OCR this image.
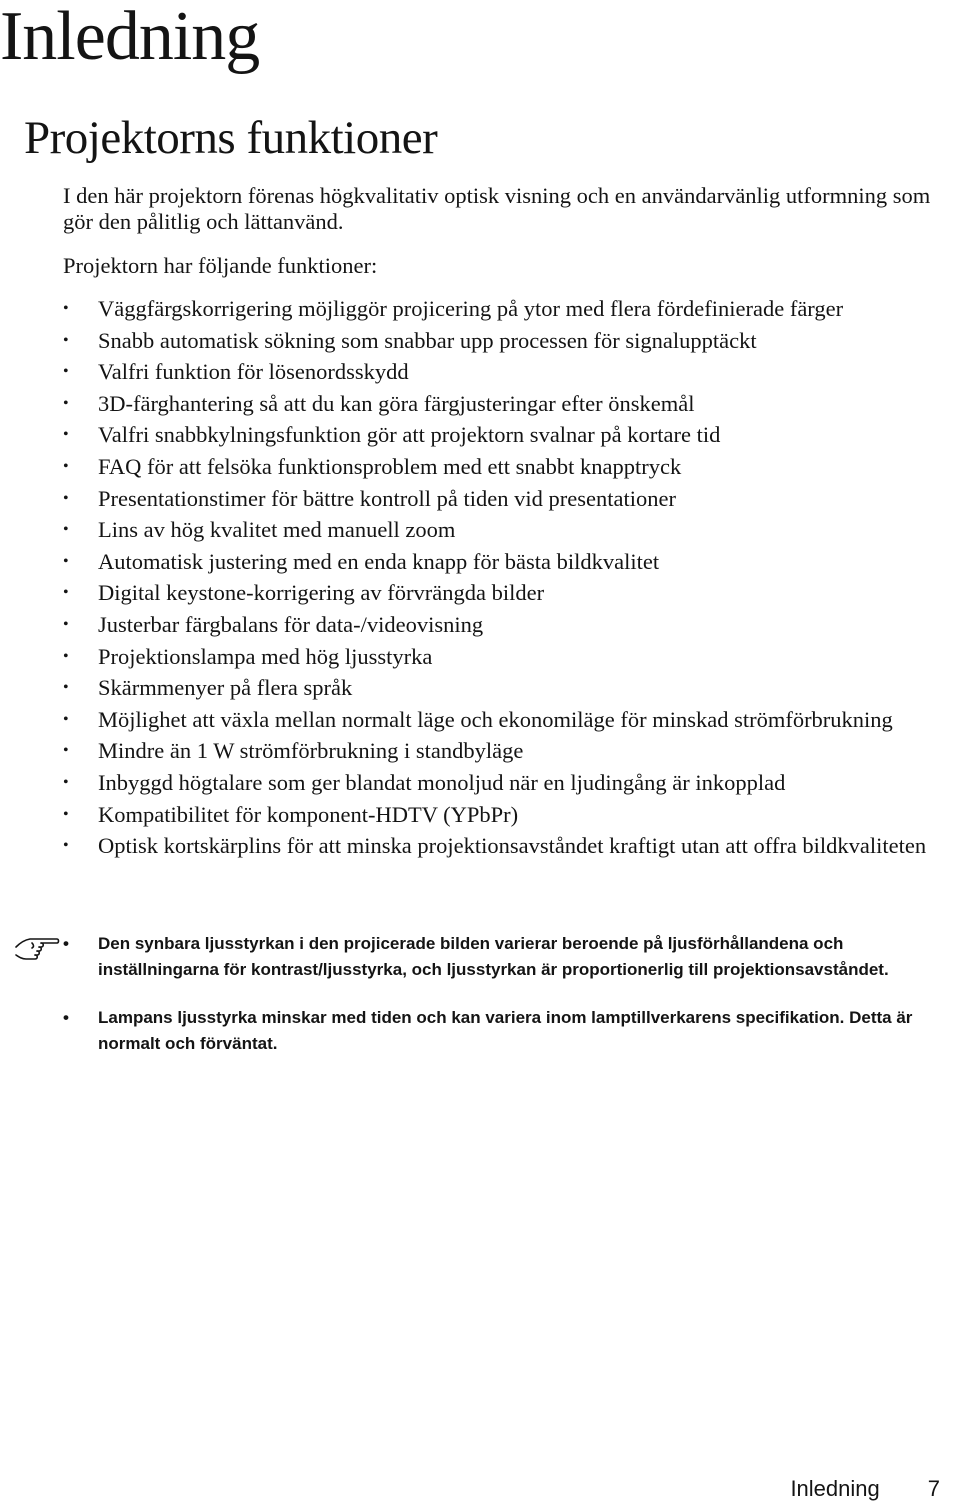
Inledning
Projektorns funktioner

I den här projektorn förenas högkvalitativ optisk visning och en användarvänlig utformning som gör den pålitlig och lättanvänd.

Projektorn har följande funktioner:

• Väggfärgskorrigering möjliggör projicering på ytor med flera fördefinierade färger
• Snabb automatisk sökning som snabbar upp processen för signalupptäckt
• Valfri funktion för lösenordsskydd
• 3D-färghantering så att du kan göra färgjusteringar efter önskemål
• Valfri snabbkylningsfunktion gör att projektorn svalnar på kortare tid
• FAQ för att felsöka funktionsproblem med ett snabbt knapptryck
• Presentationstimer för bättre kontroll på tiden vid presentationer
• Lins av hög kvalitet med manuell zoom
• Automatisk justering med en enda knapp för bästa bildkvalitet
• Digital keystone-korrigering av förvrängda bilder
• Justerbar färgbalans för data-/videovisning
• Projektionslampa med hög ljusstyrka
• Skärmmenyer på flera språk
• Möjlighet att växla mellan normalt läge och ekonomiläge för minskad strömförbrukning
• Mindre än 1 W strömförbrukning i standbyläge
• Inbyggd högtalare som ger blandat monoljud när en ljudingång är inkopplad
• Kompatibilitet för komponent-HDTV (YPbPr)
• Optisk kortskärplins för att minska projektionsavståndet kraftigt utan att offra bildkvaliteten
• Den synbara ljusstyrkan i den projicerade bilden varierar beroende på ljusförhållandena och inställningarna för kontrast/ljusstyrka, och ljusstyrkan är proportionerlig till projektionsavståndet.
• Lampans ljusstyrka minskar med tiden och kan variera inom lamptillverkarens specifikation. Detta är normalt och förväntat.
Inledning 7
